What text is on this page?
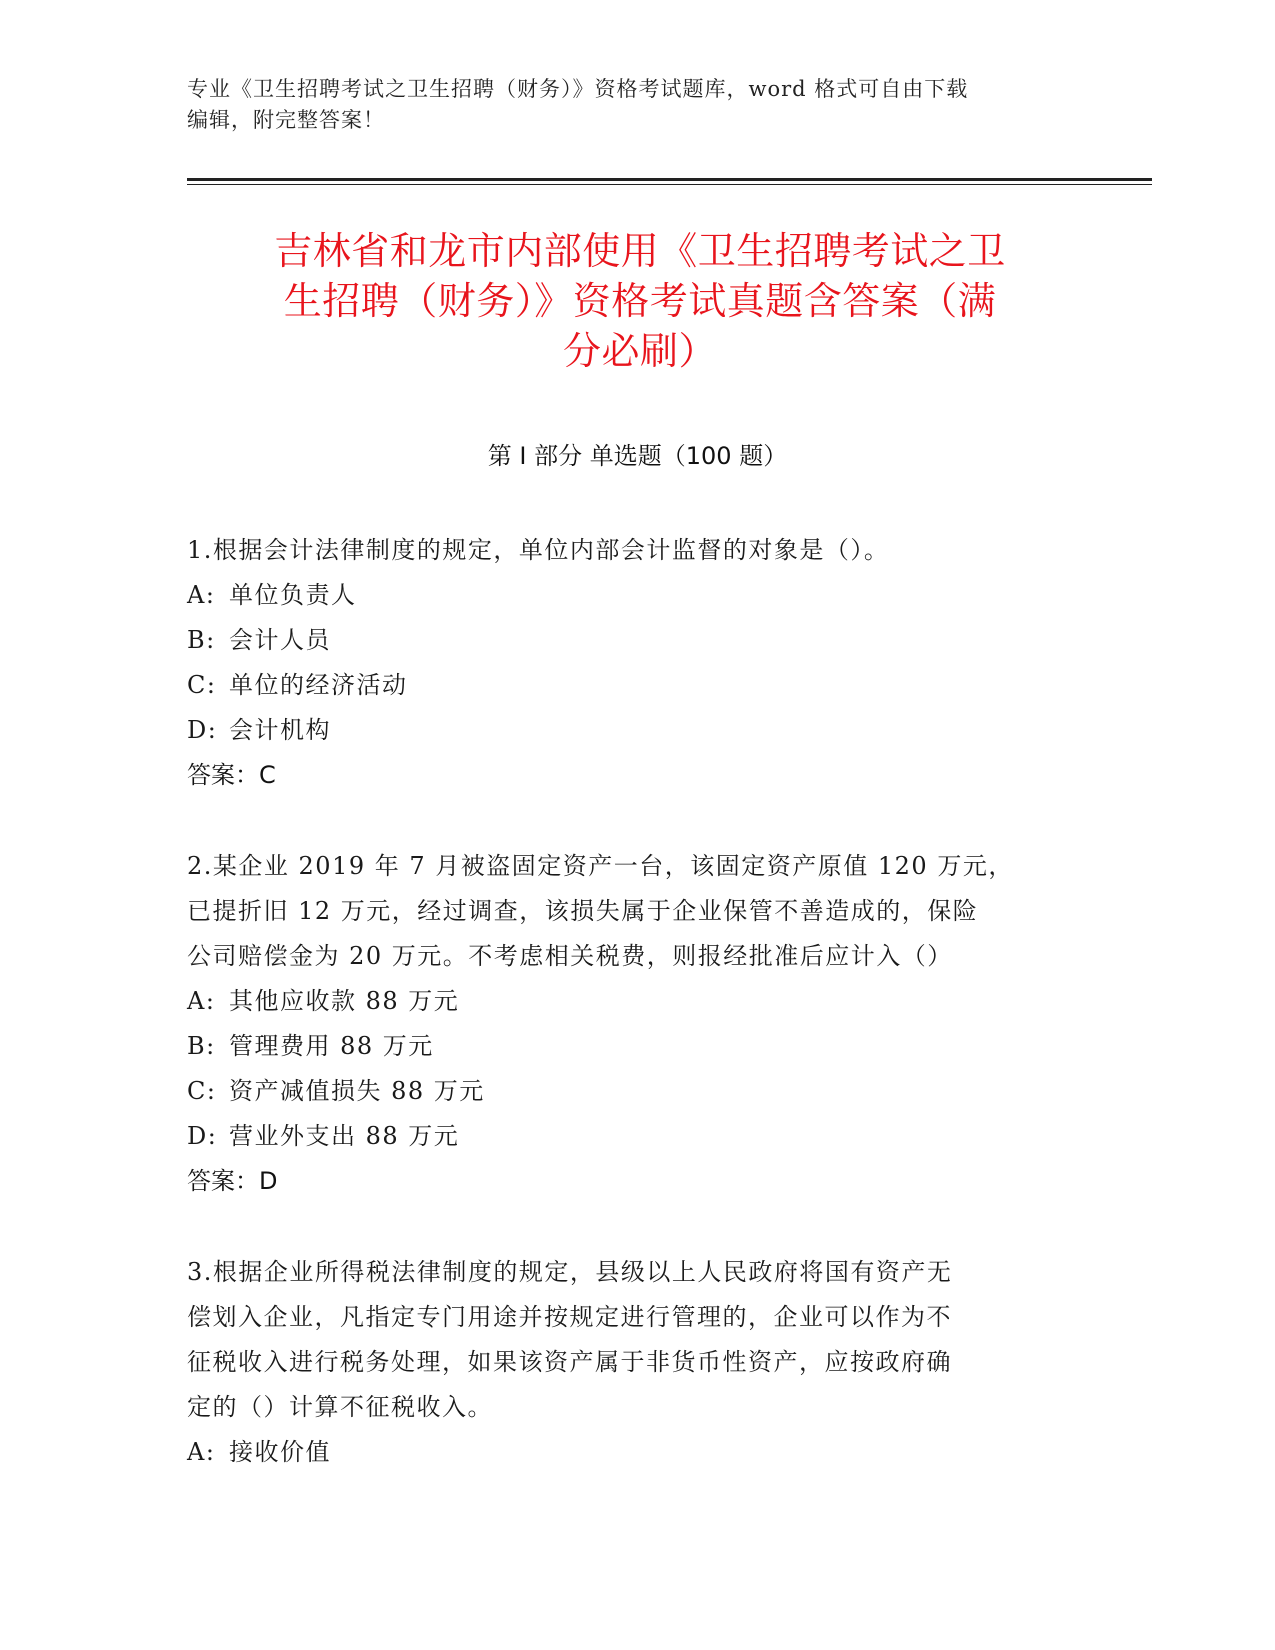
专业《卫生招聘考试之卫生招聘（财务）》资格考试题库，word 格式可自由下载
编辑，附完整答案！
吉林省和龙市内部使用《卫生招聘考试之卫
生招聘（财务）》资格考试真题含答案（满
分必刷）
第 I 部分 单选题（100 题）

1.根据会计法律制度的规定，单位内部会计监督的对象是（）。

A: 单位负责人

B: 会计人员

C: 单位的经济活动

D: 会计机构

答案：C

2.某企业 2019 年 7 月被盗固定资产一台，该固定资产原值 120 万元，

已提折旧 12 万元，经过调查，该损失属于企业保管不善造成的，保险

公司赔偿金为 20 万元。不考虑相关税费，则报经批准后应计入（）

A: 其他应收款 88 万元

B: 管理费用 88 万元

C: 资产减值损失 88 万元

D: 营业外支出 88 万元

答案：D

3.根据企业所得税法律制度的规定，县级以上人民政府将国有资产无

偿划入企业，凡指定专门用途并按规定进行管理的，企业可以作为不

征税收入进行税务处理，如果该资产属于非货币性资产，应按政府确

定的（）计算不征税收入。

A: 接收价值
